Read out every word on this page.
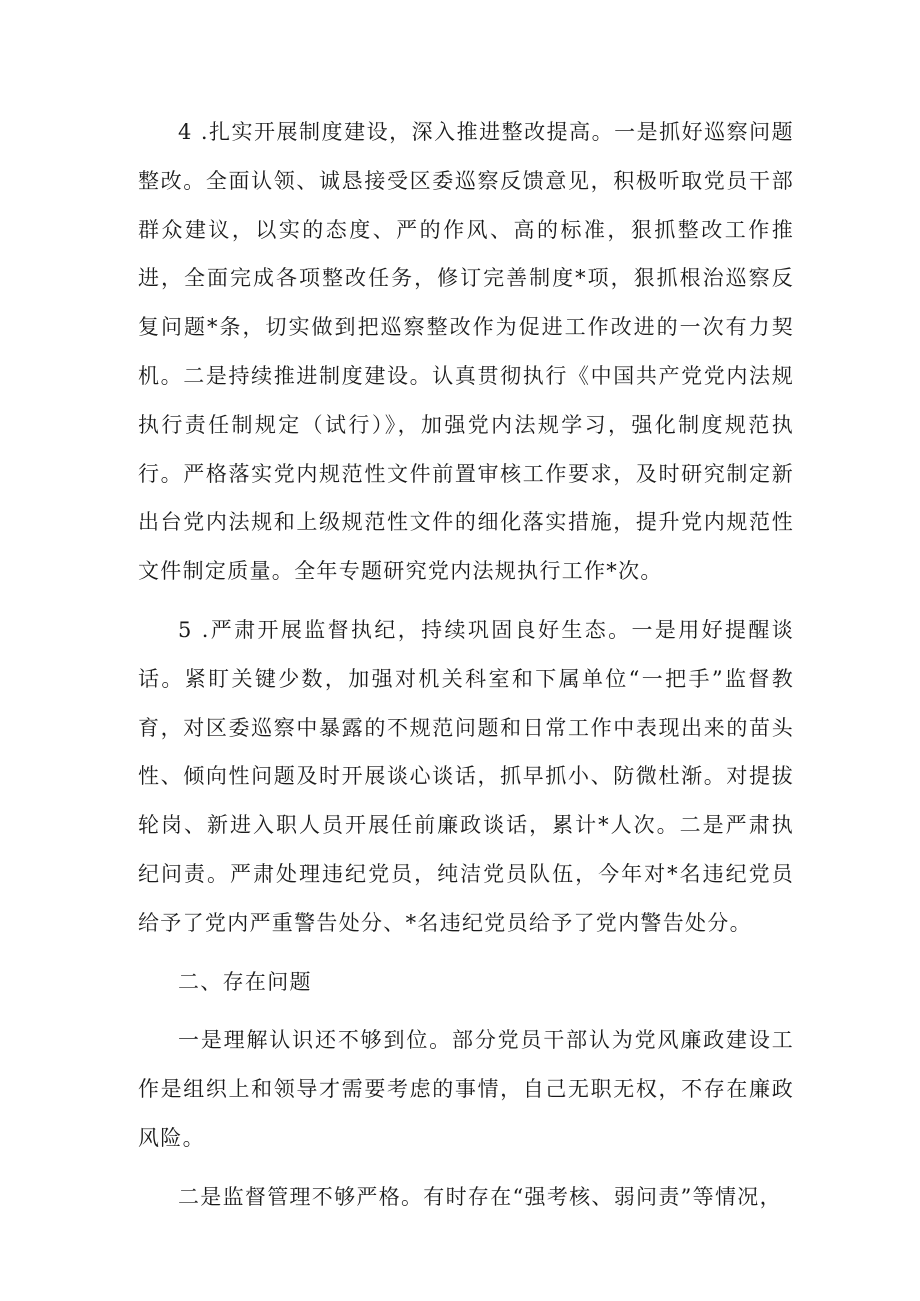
4 .扎实开展制度建设，深入推进整改提高。一是抓好巡察问题整改。全面认领、诚恳接受区委巡察反馈意见，积极听取党员干部群众建议，以实的态度、严的作风、高的标准，狠抓整改工作推进，全面完成各项整改任务，修订完善制度*项，狠抓根治巡察反复问题*条，切实做到把巡察整改作为促进工作改进的一次有力契机。二是持续推进制度建设。认真贯彻执行《中国共产党党内法规执行责任制规定（试行）》，加强党内法规学习，强化制度规范执行。严格落实党内规范性文件前置审核工作要求，及时研究制定新出台党内法规和上级规范性文件的细化落实措施，提升党内规范性文件制定质量。全年专题研究党内法规执行工作*次。

5 .严肃开展监督执纪，持续巩固良好生态。一是用好提醒谈话。紧盯关键少数，加强对机关科室和下属单位“一把手”监督教育，对区委巡察中暴露的不规范问题和日常工作中表现出来的苗头性、倾向性问题及时开展谈心谈话，抓早抓小、防微杜渐。对提拔轮岗、新进入职人员开展任前廉政谈话，累计*人次。二是严肃执纪问责。严肃处理违纪党员，纯洁党员队伍，今年对*名违纪党员给予了党内严重警告处分、*名违纪党员给予了党内警告处分。

二、存在问题

一是理解认识还不够到位。部分党员干部认为党风廉政建设工作是组织上和领导才需要考虑的事情，自己无职无权，不存在廉政风险。

二是监督管理不够严格。有时存在“强考核、弱问责”等情况，
